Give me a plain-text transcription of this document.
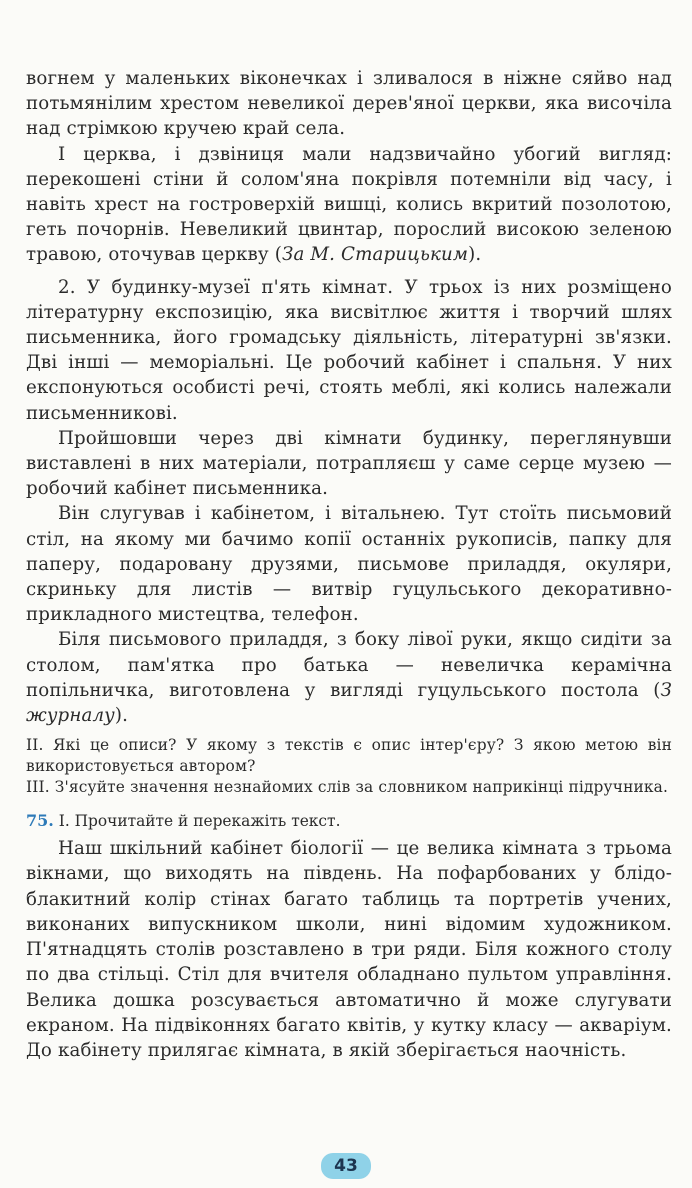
вогнем у маленьких віконечках і зливалося в ніжне сяйво над потьмянілим хрестом невеликої дерев'яної церкви, яка височіла над стрімкою кручею край села.

І церква, і дзвіниця мали надзвичайно убогий вигляд: перекошені стіни й солом'яна покрівля потемніли від часу, і навіть хрест на гостроверхій вишці, колись вкритий позолотою, геть почорнів. Невеликий цвинтар, порослий високою зеленою травою, оточував церкву (За М. Старицьким).

2. У будинку-музеї п'ять кімнат. У трьох із них розміщено літературну експозицію, яка висвітлює життя і творчий шлях письменника, його громадську діяльність, літературні зв'язки. Дві інші — меморіальні. Це робочий кабінет і спальня. У них експонуються особисті речі, стоять меблі, які колись належали письменникові.

Пройшовши через дві кімнати будинку, переглянувши виставлені в них матеріали, потрапляєш у саме серце музею — робочий кабінет письменника.

Він слугував і кабінетом, і вітальнею. Тут стоїть письмовий стіл, на якому ми бачимо копії останніх рукописів, папку для паперу, подаровану друзями, письмове приладдя, окуляри, скриньку для листів — витвір гуцульського декоративно-прикладного мистецтва, телефон.

Біля письмового приладдя, з боку лівої руки, якщо сидіти за столом, пам'ятка про батька — невеличка керамічна попільничка, виготовлена у вигляді гуцульського постола (З журналу).

II. Які це описи? У якому з текстів є опис інтер'єру? З якою метою він використовується автором?

III. З'ясуйте значення незнайомих слів за словником наприкінці підручника.

75. І. Прочитайте й перекажіть текст.

Наш шкільний кабінет біології — це велика кімната з трьома вікнами, що виходять на південь. На пофарбованих у блідо-блакитний колір стінах багато таблиць та портретів учених, виконаних випускником школи, нині відомим художником. П'ятнадцять столів розставлено в три ряди. Біля кожного столу по два стільці. Стіл для вчителя обладнано пультом управління. Велика дошка розсувається автоматично й може слугувати екраном. На підвіконнях багато квітів, у кутку класу — акваріум. До кабінету прилягає кімната, в якій зберігається наочність.

43
